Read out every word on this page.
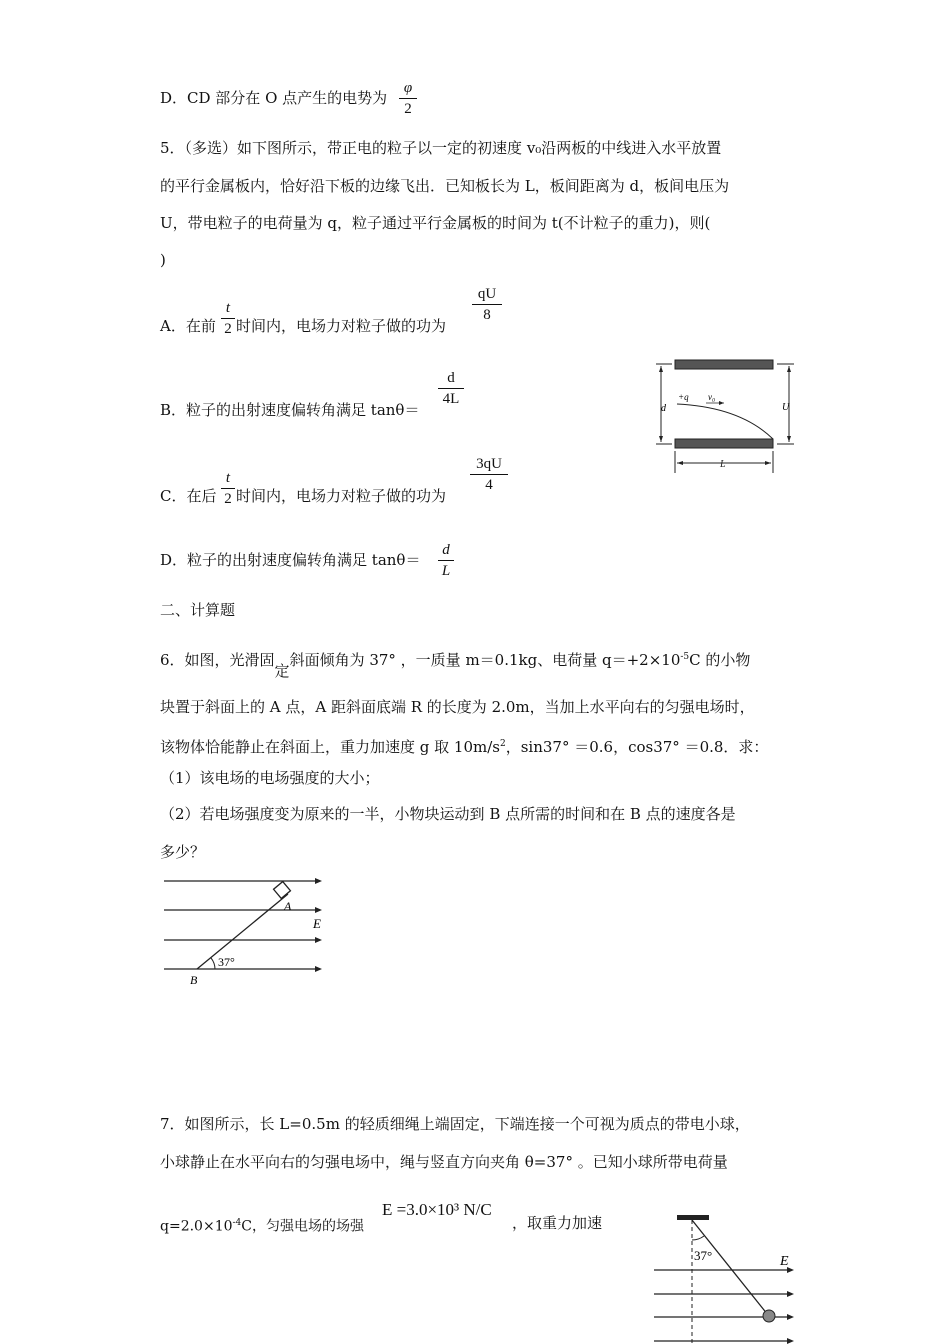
D．CD 部分在 O 点产生的电势为
φ
2
5．（多选）如下图所示，带正电的粒子以一定的初速度 v₀沿两板的中线进入水平放置
的平行金属板内，恰好沿下板的边缘飞出．已知板长为 L，板间距离为 d，板间电压为
U，带电粒子的电荷量为 q，粒子通过平行金属板的时间为 t(不计粒子的重力)，则(
)
A．在前
t
2 时间内，电场力对粒子做的功为
qU
8
B．粒子的出射速度偏转角满足 tanθ＝
d
4L
C．在后
t
2 时间内，电场力对粒子做的功为
3qU
4
D．粒子的出射速度偏转角满足 tanθ＝
d
L
+q v₀
d	U
L
二、计算题
6．如图，光滑固定斜面倾角为 37° ，一质量 m＝0.1kg、电荷量 $q=+2\times 10^{-5}C$ 的小物
块置于斜面上的 A 点，A 距斜面底端 R 的长度为 2.0m，当加上水平向右的匀强电场时，
该物体恰能静止在斜面上，重力加速度 g 取 $10m/s^2$，sin37° ＝0.6，cos37° ＝0.8．求：
（1）该电场的电场强度的大小；
（2）若电场强度变为原来的一半，小物块运动到 B 点所需的时间和在 B 点的速度各是
多少？
A
B
E
37°
7．如图所示，长 L=0.5m 的轻质细绳上端固定，下端连接一个可视为质点的带电小球，
小球静止在水平向右的匀强电场中，绳与竖直方向夹角 θ=37° 。已知小球所带电荷量
$q=2.0\times 10^{-4}C$，匀强电场的场强
E =3.0×10³ N/C
，取重力加速
37°	E
